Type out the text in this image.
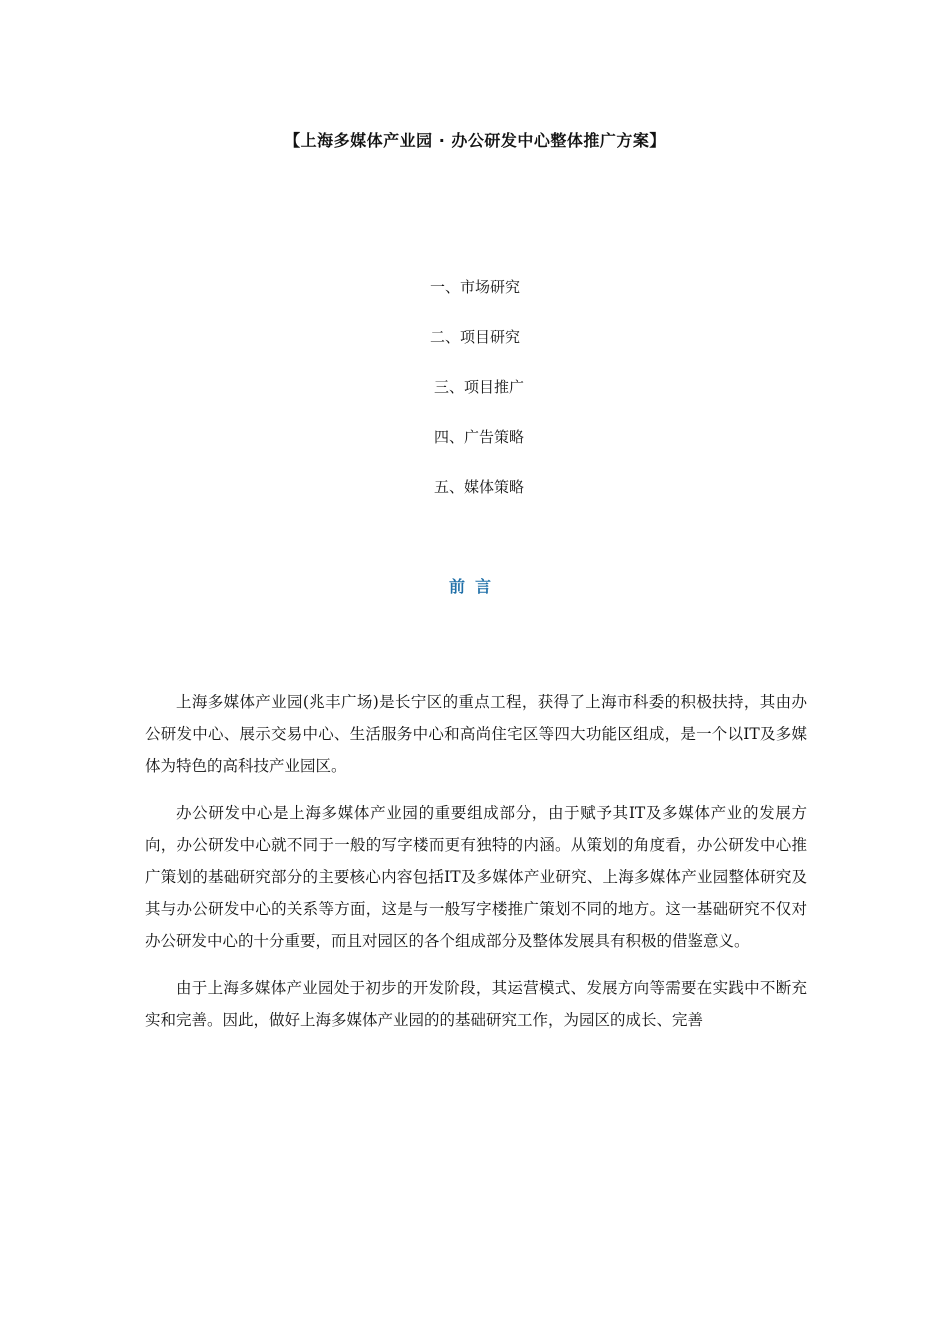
【上海多媒体产业园 · 办公研发中心整体推广方案】
一、市场研究
二、项目研究
三、项目推广
四、广告策略
五、媒体策略
前言

上海多媒体产业园(兆丰广场)是长宁区的重点工程，获得了上海市科委的积极扶持，其由办公研发中心、展示交易中心、生活服务中心和高尚住宅区等四大功能区组成，是一个以IT及多媒体为特色的高科技产业园区。

办公研发中心是上海多媒体产业园的重要组成部分，由于赋予其IT及多媒体产业的发展方向，办公研发中心就不同于一般的写字楼而更有独特的内涵。从策划的角度看，办公研发中心推广策划的基础研究部分的主要核心内容包括IT及多媒体产业研究、上海多媒体产业园整体研究及其与办公研发中心的关系等方面，这是与一般写字楼推广策划不同的地方。这一基础研究不仅对办公研发中心的十分重要，而且对园区的各个组成部分及整体发展具有积极的借鉴意义。

由于上海多媒体产业园处于初步的开发阶段，其运营模式、发展方向等需要在实践中不断充实和完善。因此，做好上海多媒体产业园的的基础研究工作，为园区的成长、完善
